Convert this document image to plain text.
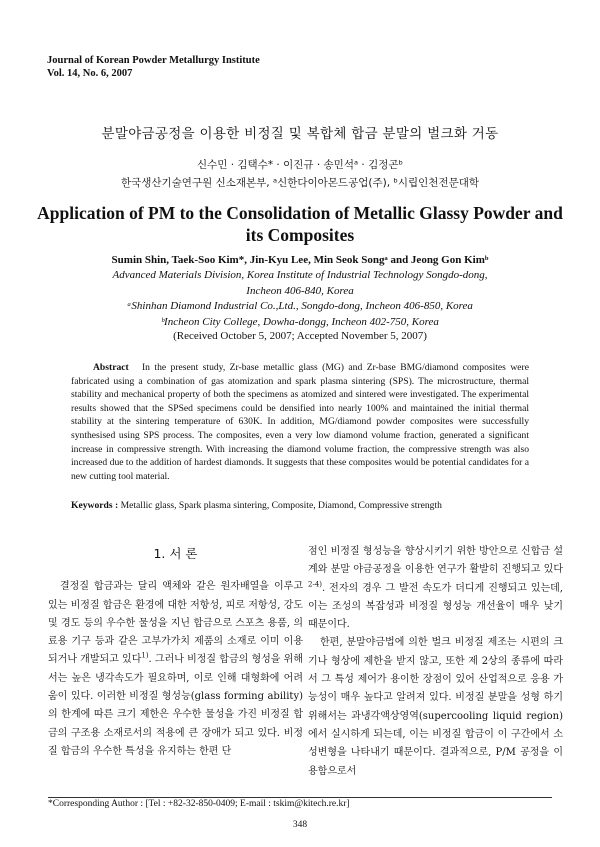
Journal of Korean Powder Metallurgy Institute
Vol. 14, No. 6, 2007
분말야금공정을 이용한 비정질 및 복합체 합금 분말의 벌크화 거동
신수민 · 김택수* · 이진규 · 송민석ᵃ · 김정곤ᵇ
한국생산기술연구원 신소재본부, ᵃ신한다이아몬드공업(주), ᵇ시립인천전문대학
Application of PM to the Consolidation of Metallic Glassy Powder and its Composites
Sumin Shin, Taek-Soo Kim*, Jin-Kyu Lee, Min Seok Songᵃ and Jeong Gon Kimᵇ
Advanced Materials Division, Korea Institute of Industrial Technology Songdo-dong,
Incheon 406-840, Korea
ᵃShinhan Diamond Industrial Co.,Ltd., Songdo-dong, Incheon 406-850, Korea
ᵇIncheon City College, Dowha-dongg, Incheon 402-750, Korea
(Received October 5, 2007; Accepted November 5, 2007)
Abstract In the present study, Zr-base metallic glass (MG) and Zr-base BMG/diamond composites were fabricated using a combination of gas atomization and spark plasma sintering (SPS). The microstructure, thermal stability and mechanical property of both the specimens as atomized and sintered were investigated. The experimental results showed that the SPSed specimens could be densified into nearly 100% and maintained the initial thermal stability at the sintering temperature of 630K. In addition, MG/diamond powder composites were successfully synthesised using SPS process. The composites, even a very low diamond volume fraction, generated a significant increase in compressive strength. With increasing the diamond volume fraction, the compressive strength was also increased due to the addition of hardest diamonds. It suggests that these composites would be potential candidates for a new cutting tool material.
Keywords : Metallic glass, Spark plasma sintering, Composite, Diamond, Compressive strength
1. 서 론

결정질 합금과는 달리 액체와 같은 원자배열을 이루고 있는 비정질 합금은 환경에 대한 저항성, 피로 저항성, 강도 및 경도 등의 우수한 물성을 지닌 합금으로 스포츠 용품, 의료용 기구 등과 같은 고부가가치 제품의 소재로 이미 이용되거나 개발되고 있다$^{1)}$. 그러나 비정질 합금의 형성을 위해서는 높은 냉각속도가 필요하며, 이로 인해 대형화에 어려움이 있다. 이러한 비정질 형성능(glass forming ability)의 한계에 따른 크기 제한은 우수한 물성을 가진 비정질 합금의 구조용 소재로서의 적용에 큰 장애가 되고 있다. 비정질 합금의 우수한 특성을 유지하는 한편 단

점인 비정질 형성능을 향상시키기 위한 방안으로 신합금 설계와 분말 야금공정을 이용한 연구가 활발히 진행되고 있다$^{2-4)}$. 전자의 경우 그 발전 속도가 더디게 진행되고 있는데, 이는 조성의 복잡성과 비정질 형성능 개선율이 매우 낮기 때문이다.

한편, 분말야금법에 의한 벌크 비정질 제조는 시편의 크기나 형상에 제한을 받지 않고, 또한 제 2상의 종류에 따라서 그 특성 제어가 용이한 장점이 있어 산업적으로 응용 가능성이 매우 높다고 알려져 있다. 비정질 분말을 성형 하기 위해서는 과냉각액상영역(supercooling liquid region)에서 실시하게 되는데, 이는 비정질 합금이 이 구간에서 소성변형을 나타내기 때문이다. 결과적으로, P/M 공정을 이용함으로서

*Corresponding Author : [Tel : +82-32-850-0409; E-mail : tskim@kitech.re.kr]
348
